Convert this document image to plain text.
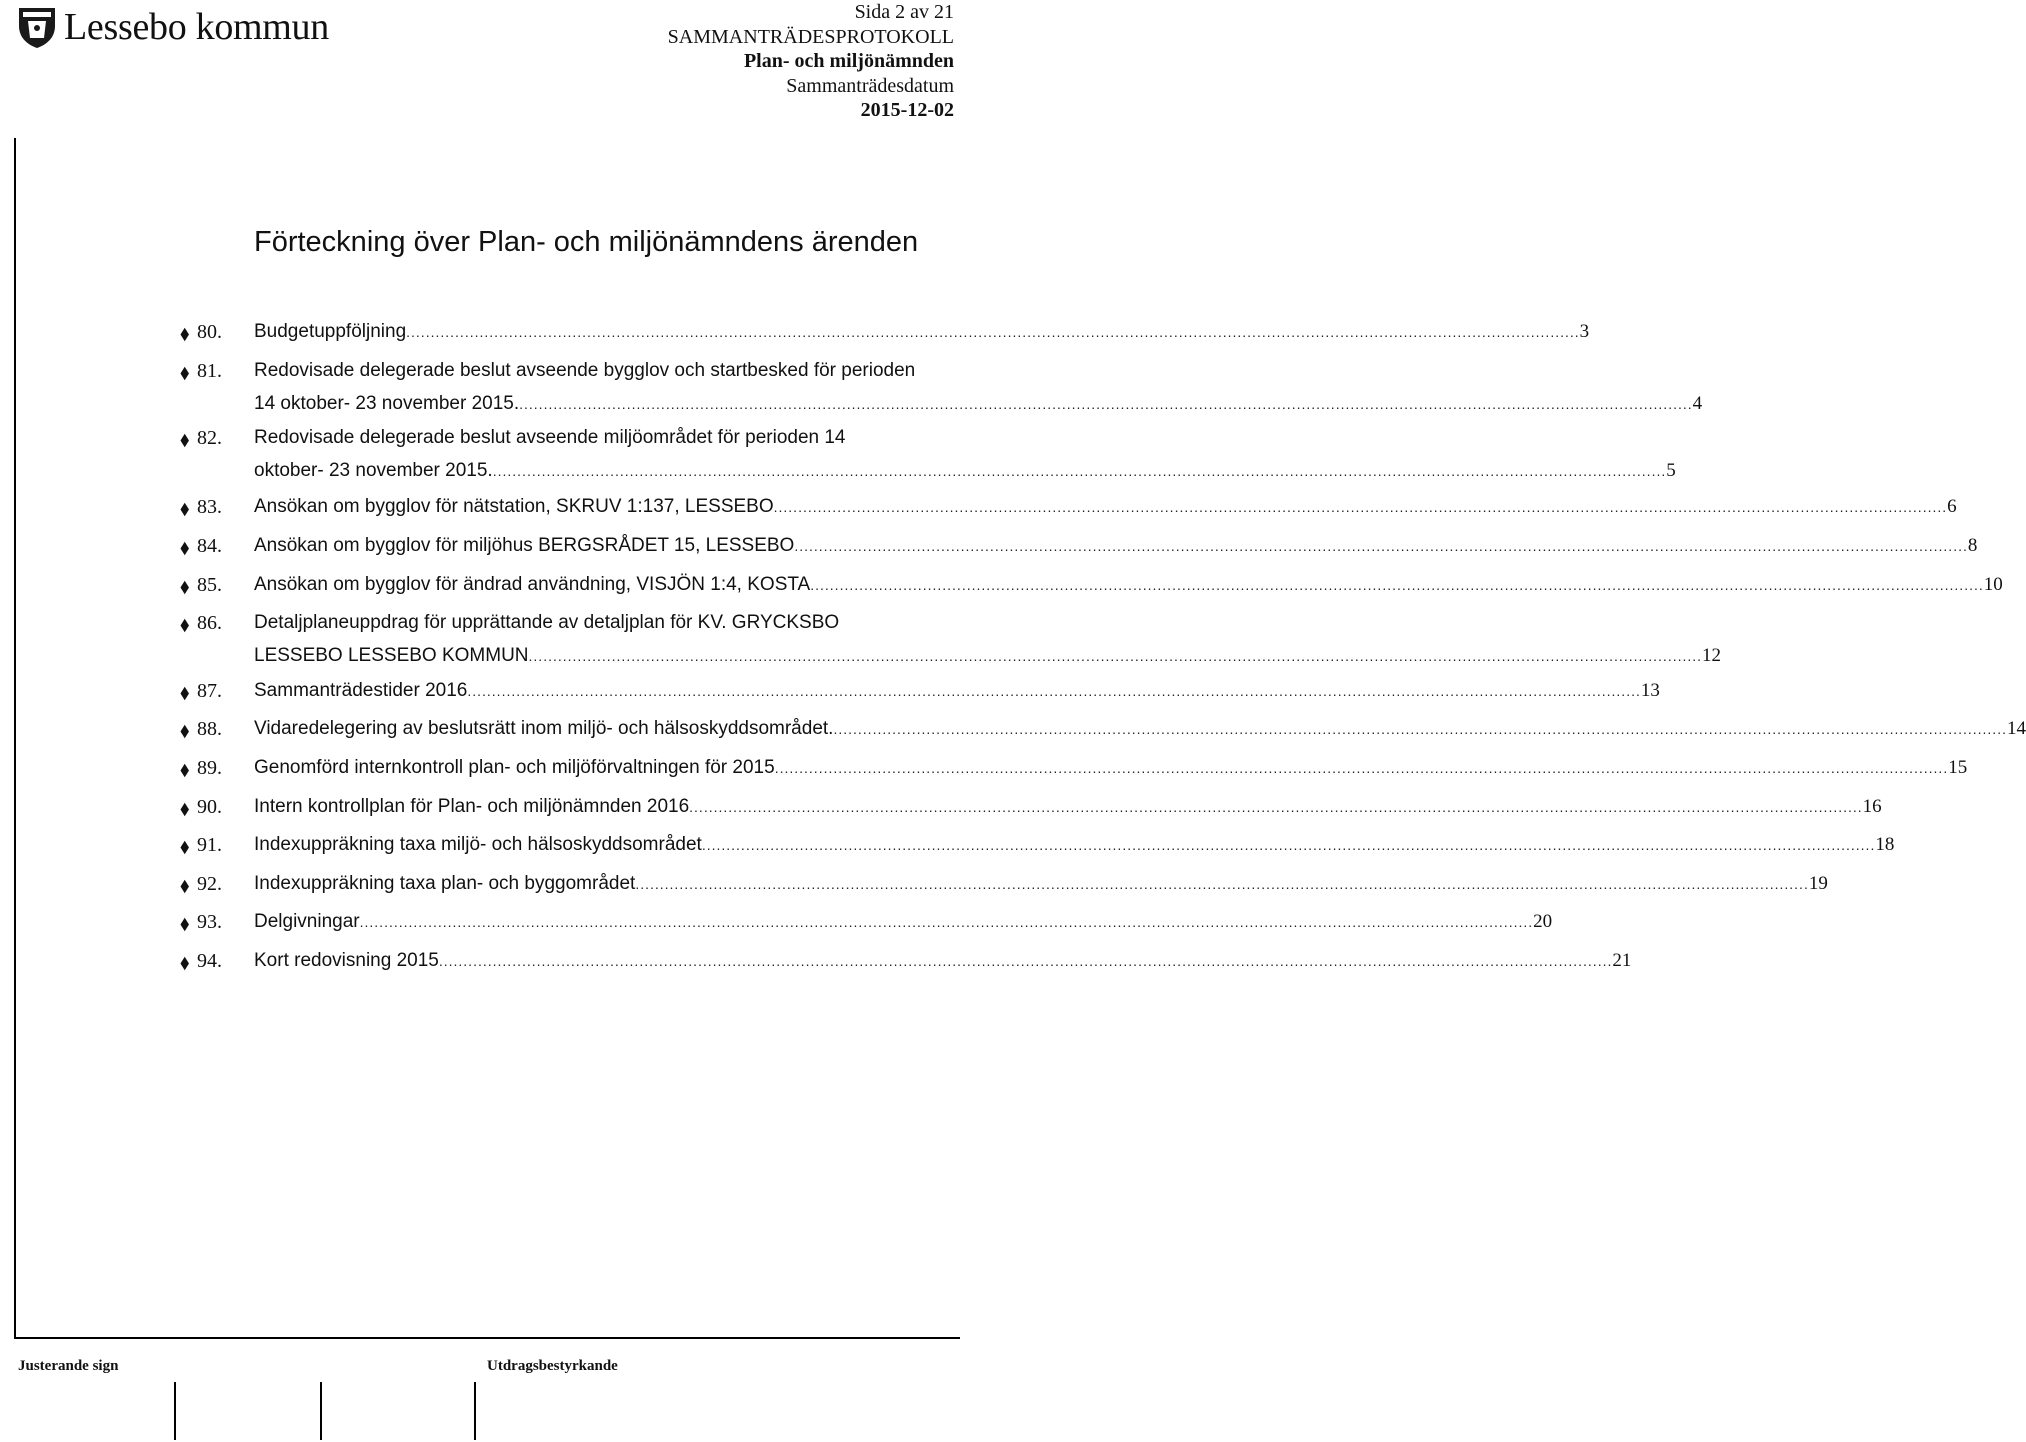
Lessebo kommun	Sida 2 av 21
SAMMANTRÄDESPROTOKOLL
Plan- och miljönämnden
Sammanträdesdatum
2015-12-02
Förteckning över Plan- och miljönämndens ärenden
⬧ 80. Budgetuppföljning ................................................................................................................................................................................................................................................ 3
⬧ 81. Redovisade delegerade beslut avseende bygglov och startbesked för perioden
14 oktober- 23 november 2015. ................................................................................................................................................................................................................................................ 4
⬧ 82. Redovisade delegerade beslut avseende miljöområdet för perioden 14
oktober- 23 november 2015. ................................................................................................................................................................................................................................................ 5
⬧ 83. Ansökan om bygglov för nätstation, SKRUV 1:137, LESSEBO ................................................................................................................................................................................................................................................ 6
⬧ 84. Ansökan om bygglov för miljöhus BERGSRÅDET 15, LESSEBO ................................................................................................................................................................................................................................................ 8
⬧ 85. Ansökan om bygglov för ändrad användning, VISJÖN 1:4, KOSTA ................................................................................................................................................................................................................................................ 10
⬧ 86. Detaljplaneuppdrag för upprättande av detaljplan för KV. GRYCKSBO
LESSEBO LESSEBO KOMMUN ................................................................................................................................................................................................................................................ 12
⬧ 87. Sammanträdestider 2016 ................................................................................................................................................................................................................................................ 13
⬧ 88. Vidaredelegering av beslutsrätt inom miljö- och hälsoskyddsområdet. ................................................................................................................................................................................................................................................ 14
⬧ 89. Genomförd internkontroll plan- och miljöförvaltningen för 2015 ................................................................................................................................................................................................................................................ 15
⬧ 90. Intern kontrollplan för Plan- och miljönämnden 2016 ................................................................................................................................................................................................................................................ 16
⬧ 91. Indexuppräkning taxa miljö- och hälsoskyddsområdet ................................................................................................................................................................................................................................................ 18
⬧ 92. Indexuppräkning taxa plan- och byggområdet ................................................................................................................................................................................................................................................ 19
⬧ 93. Delgivningar ................................................................................................................................................................................................................................................ 20
⬧ 94. Kort redovisning 2015 ................................................................................................................................................................................................................................................ 21
Justerande sign	Utdragsbestyrkande
